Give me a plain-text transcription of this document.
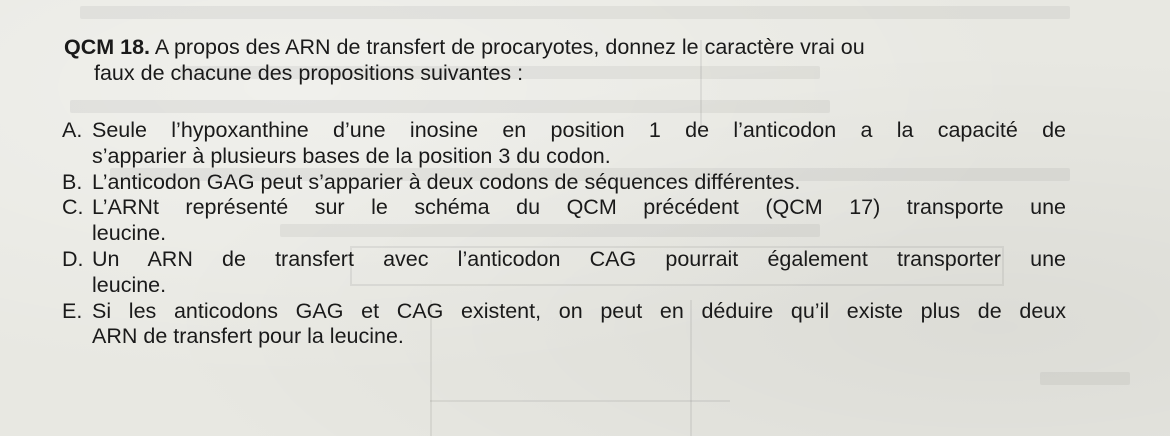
QCM 18. A propos des ARN de transfert de procaryotes, donnez le caractère vrai ou
faux de chacune des propositions suivantes :
A. Seule l’hypoxanthine d’une inosine en position 1 de l’anticodon a la capacité de
s’apparier à plusieurs bases de la position 3 du codon.
B. L’anticodon GAG peut s’apparier à deux codons de séquences différentes.
C. L’ARNt représenté sur le schéma du QCM précédent (QCM 17) transporte une
leucine.
D. Un ARN de transfert avec l’anticodon CAG pourrait également transporter une
leucine.
E. Si les anticodons GAG et CAG existent, on peut en déduire qu’il existe plus de deux
ARN de transfert pour la leucine.
